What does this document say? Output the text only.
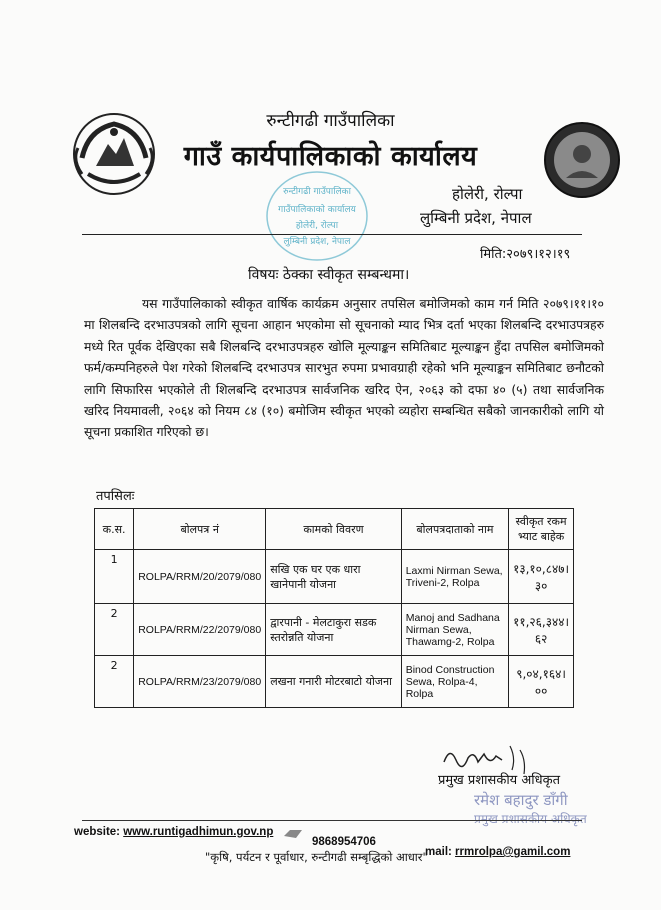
रुन्टीगढी गाउँपालिका
गाउँ कार्यपालिकाको कार्यालय
होलेरी, रोल्पा
लुम्बिनी प्रदेश, नेपाल
रुन्टीगढी गाउँपालिका
गाउँपालिकाको कार्यालय
होलेरी, रोल्पा
लुम्बिनी प्रदेश, नेपाल
मिति:२०७९।१२।१९
विषयः ठेक्का स्वीकृत सम्बन्धमा।
यस गाउँपालिकाको स्वीकृत वार्षिक कार्यक्रम अनुसार तपसिल बमोजिमको काम गर्न मिति २०७९।११।१० मा शिलबन्दि दरभाउपत्रको लागि सूचना आहान भएकोमा सो सूचनाको म्याद भित्र दर्ता भएका शिलबन्दि दरभाउपत्रहरु मध्ये रित पूर्वक देखिएका सबै शिलबन्दि दरभाउपत्रहरु खोलि मूल्याङ्कन समितिबाट मूल्याङ्कन हुँदा तपसिल बमोजिमको फर्म/कम्पनिहरुले पेश गरेको शिलबन्दि दरभाउपत्र सारभुत रुपमा प्रभावग्राही रहेको भनि मूल्याङ्कन समितिबाट छनौटको लागि सिफारिस भएकोले ती शिलबन्दि दरभाउपत्र सार्वजनिक खरिद ऐन, २०६३ को दफा ४० (५) तथा सार्वजनिक खरिद नियमावली, २०६४ को नियम ८४ (१०) बमोजिम स्वीकृत भएको व्यहोरा सम्बन्धित सबैको जानकारीको लागि यो सूचना प्रकाशित गरिएको छ।
तपसिलः
क.स.	बोलपत्र नं	कामको विवरण	बोलपत्रदाताको नाम	स्वीकृत रकम भ्याट बाहेक
1	ROLPA/RRM/20/2079/080	सखि एक घर एक धारा खानेपानी योजना	Laxmi Nirman Sewa, Triveni-2, Rolpa	१३,१०,८४७।३०
2	ROLPA/RRM/22/2079/080	द्वारपानी - मेलटाकुरा सडक स्तरोन्नति योजना	Manoj and Sadhana Nirman Sewa, Thawamg-2, Rolpa	११,२६,३४४।६२
2	ROLPA/RRM/23/2079/080	लखना गनारी मोटरबाटो योजना	Binod Construction Sewa, Rolpa-4, Rolpa	९,०४,१६४।००
प्रमुख प्रशासकीय अधिकृत
रमेश बहादुर डाँगी
प्रमुख प्रशासकीय अधिकृत
website: www.runtigadhimun.gov.np
9868954706
mail: rrmrolpa@gamil.com
"कृषि, पर्यटन र पूर्वाधार, रुन्टीगढी सम्बृद्धिको आधार"
